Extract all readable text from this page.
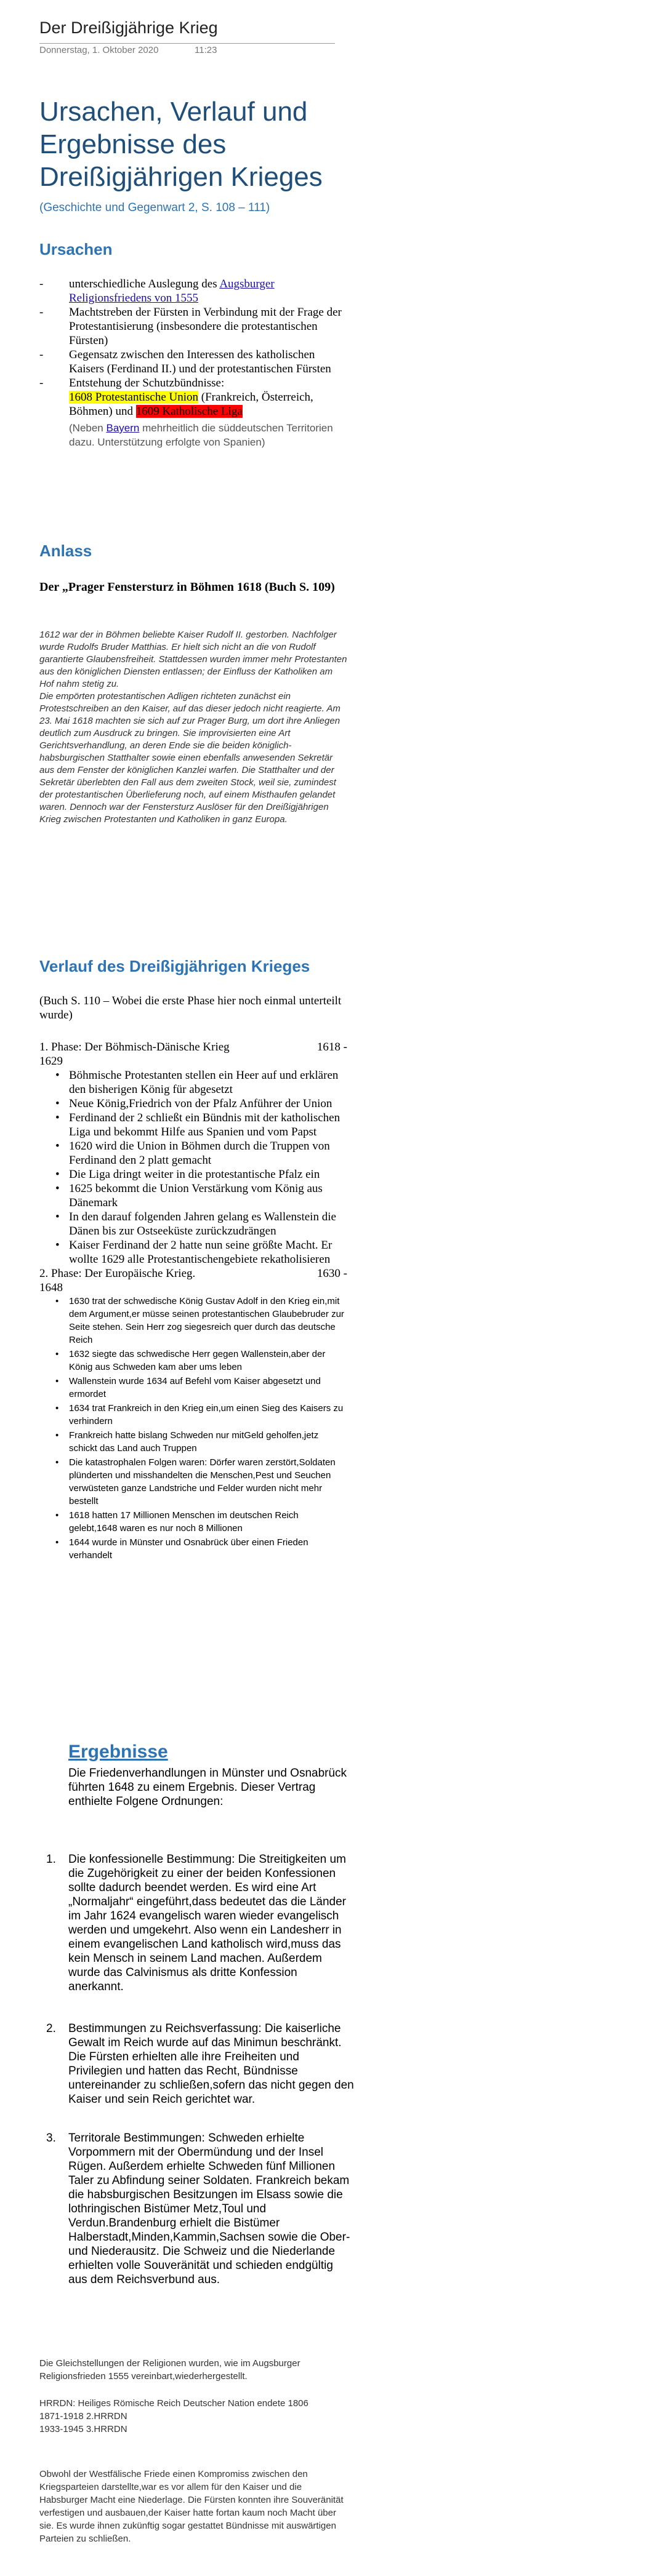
Der Dreißigjährige Krieg
Donnerstag, 1. Oktober 2020	11:23
Ursachen, Verlauf und Ergebnisse des Dreißigjährigen Krieges
(Geschichte und Gegenwart 2, S. 108 – 111)
Ursachen
- unterschiedliche Auslegung des Augsburger Religionsfriedens von 1555
- Machtstreben der Fürsten in Verbindung mit der Frage der Protestantisierung (insbesondere die protestantischen Fürsten)
- Gegensatz zwischen den Interessen des katholischen Kaisers (Ferdinand II.) und der protestantischen Fürsten
- Entstehung der Schutzbündnisse:
1608 Protestantische Union (Frankreich, Österreich, Böhmen) und 1609 Katholische Liga
(Neben Bayern mehrheitlich die süddeutschen Territorien dazu. Unterstützung erfolgte von Spanien)
Anlass
Der „Prager Fenstersturz in Böhmen 1618 (Buch S. 109)

1612 war der in Böhmen beliebte Kaiser Rudolf II. gestorben. Nachfolger wurde Rudolfs Bruder Matthias. Er hielt sich nicht an die von Rudolf garantierte Glaubensfreiheit. Stattdessen wurden immer mehr Protestanten aus den königlichen Diensten entlassen; der Einfluss der Katholiken am Hof nahm stetig zu.

Die empörten protestantischen Adligen richteten zunächst ein Protestschreiben an den Kaiser, auf das dieser jedoch nicht reagierte. Am 23. Mai 1618 machten sie sich auf zur Prager Burg, um dort ihre Anliegen deutlich zum Ausdruck zu bringen. Sie improvisierten eine Art Gerichtsverhandlung, an deren Ende sie die beiden königlich-habsburgischen Statthalter sowie einen ebenfalls anwesenden Sekretär aus dem Fenster der königlichen Kanzlei warfen. Die Statthalter und der Sekretär überlebten den Fall aus dem zweiten Stock, weil sie, zumindest der protestantischen Überlieferung noch, auf einem Misthaufen gelandet waren. Dennoch war der Fenstersturz Auslöser für den Dreißigjährigen Krieg zwischen Protestanten und Katholiken in ganz Europa.

Verlauf des Dreißigjährigen Krieges
(Buch S. 110 – Wobei die erste Phase hier noch einmal unterteilt wurde)
1. Phase: Der Böhmisch-Dänische Krieg	1618 -
1629
• Böhmische Protestanten stellen ein Heer auf und erklären den bisherigen König für abgesetzt
• Neue König,Friedrich von der Pfalz Anführer der Union
• Ferdinand der 2 schließt ein Bündnis mit der katholischen Liga und bekommt Hilfe aus Spanien und vom Papst
• 1620 wird die Union in Böhmen durch die Truppen von Ferdinand den 2 platt gemacht
• Die Liga dringt weiter in die protestantische Pfalz ein
• 1625 bekommt die Union Verstärkung vom König aus Dänemark
• In den darauf folgenden Jahren gelang es Wallenstein die Dänen bis zur Ostseeküste zurückzudrängen
• Kaiser Ferdinand der 2 hatte nun seine größte Macht. Er wollte 1629 alle Protestantischengebiete rekatholisieren
2. Phase: Der Europäische Krieg.	1630 -
1648
• 1630 trat der schwedische König Gustav Adolf in den Krieg ein,mit dem Argument,er müsse seinen protestantischen Glaubebruder zur Seite stehen. Sein Herr zog siegesreich quer durch das deutsche Reich
• 1632 siegte das schwedische Herr gegen Wallenstein,aber der König aus Schweden kam aber ums leben
• Wallenstein wurde 1634 auf Befehl vom Kaiser abgesetzt und ermordet
• 1634 trat Frankreich in den Krieg ein,um einen Sieg des Kaisers zu verhindern
• Frankreich hatte bislang Schweden nur mitGeld geholfen,jetz schickt das Land auch Truppen
• Die katastrophalen Folgen waren: Dörfer waren zerstört,Soldaten plünderten und misshandelten die Menschen,Pest und Seuchen verwüsteten ganze Landstriche und Felder wurden nicht mehr bestellt
• 1618 hatten 17 Millionen Menschen im deutschen Reich gelebt,1648 waren es nur noch 8 Millionen
• 1644 wurde in Münster und Osnabrück über einen Frieden verhandelt
Ergebnisse
Die Friedenverhandlungen in Münster und Osnabrück führten 1648 zu einem Ergebnis. Dieser Vertrag enthielte Folgene Ordnungen:
1. Die konfessionelle Bestimmung: Die Streitigkeiten um die Zugehörigkeit zu einer der beiden Konfessionen sollte dadurch beendet werden. Es wird eine Art „Normaljahr“ eingeführt,dass bedeutet das die Länder im Jahr 1624 evangelisch waren wieder evangelisch werden und umgekehrt. Also wenn ein Landesherr in einem evangelischen Land katholisch wird,muss das kein Mensch in seinem Land machen. Außerdem wurde das Calvinismus als dritte Konfession anerkannt.
2. Bestimmungen zu Reichsverfassung: Die kaiserliche Gewalt im Reich wurde auf das Minimun beschränkt. Die Fürsten erhielten alle ihre Freiheiten und Privilegien und hatten das Recht, Bündnisse untereinander zu schließen,sofern das nicht gegen den Kaiser und sein Reich gerichtet war.
3. Territorale Bestimmungen: Schweden erhielte Vorpommern mit der Obermündung und der Insel Rügen. Außerdem erhielte Schweden fünf Millionen Taler zu Abfindung seiner Soldaten. Frankreich bekam die habsburgischen Besitzungen im Elsass sowie die lothringischen Bistümer Metz,Toul und Verdun.Brandenburg erhielt die Bistümer Halberstadt,Minden,Kammin,Sachsen sowie die Ober-und Niederausitz. Die Schweiz und die Niederlande erhielten volle Souveränität und schieden endgültig aus dem Reichsverbund aus.

Die Gleichstellungen der Religionen wurden, wie im Augsburger Religionsfrieden 1555 vereinbart,wiederhergestellt.

HRRDN: Heiliges Römische Reich Deutscher Nation endete 1806

1871-1918 2.HRRDN

1933-1945 3.HRRDN

Obwohl der Westfälische Friede einen Kompromiss zwischen den Kriegsparteien darstellte,war es vor allem für den Kaiser und die Habsburger Macht eine Niederlage. Die Fürsten konnten ihre Souveränität verfestigen und ausbauen,der Kaiser hatte fortan kaum noch Macht über sie. Es wurde ihnen zukünftig sogar gestattet Bündnisse mit auswärtigen Parteien zu schließen.
